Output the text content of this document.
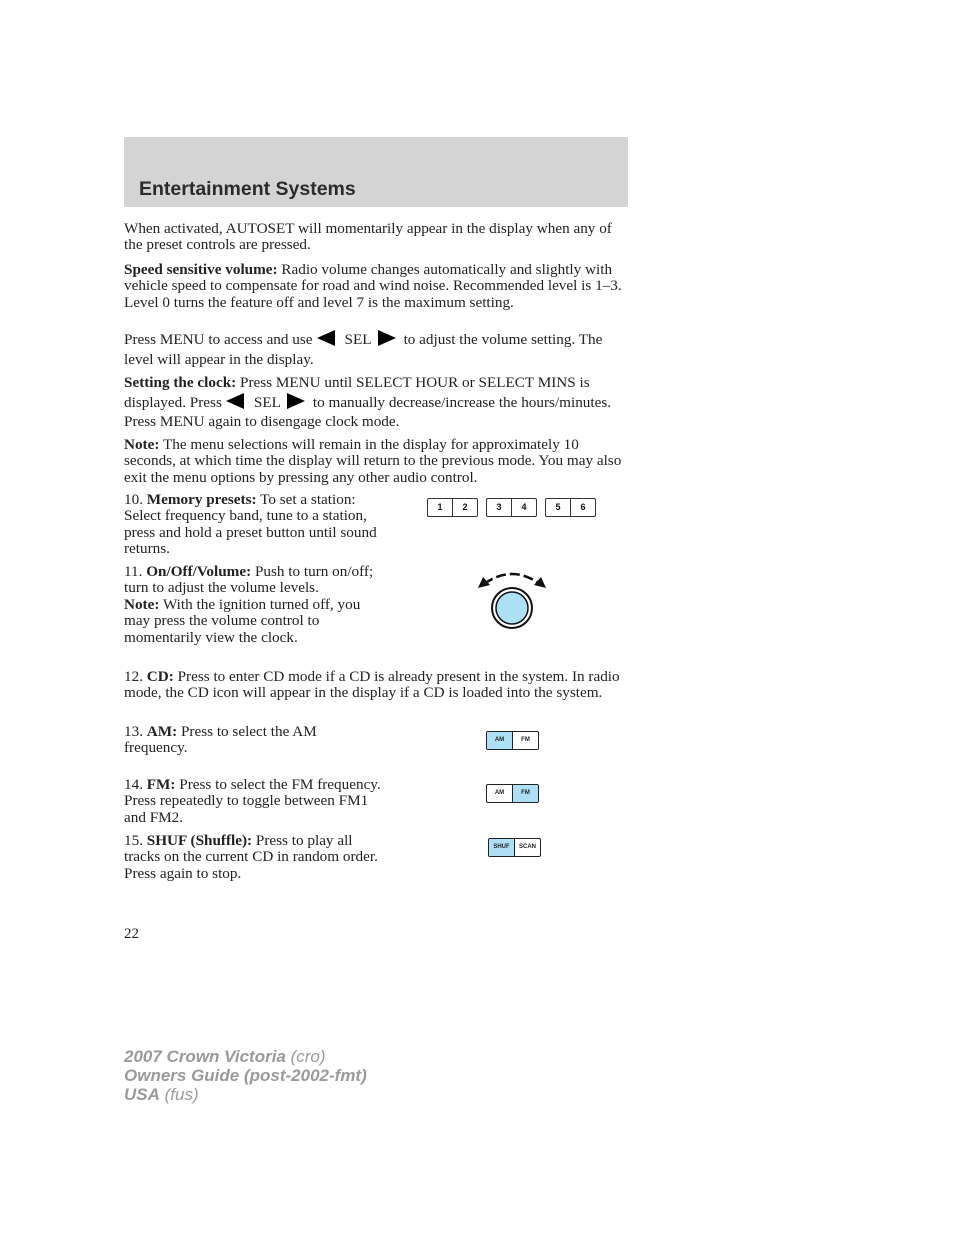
Entertainment Systems
When activated, AUTOSET will momentarily appear in the display when any of the preset controls are pressed.
Speed sensitive volume: Radio volume changes automatically and slightly with vehicle speed to compensate for road and wind noise. Recommended level is 1–3. Level 0 turns the feature off and level 7 is the maximum setting.
Press MENU to access and use SEL to adjust the volume setting. The level will appear in the display.
Setting the clock: Press MENU until SELECT HOUR or SELECT MINS is displayed. Press SEL to manually decrease/increase the hours/minutes. Press MENU again to disengage clock mode.
Note: The menu selections will remain in the display for approximately 10 seconds, at which time the display will return to the previous mode. You may also exit the menu options by pressing any other audio control.
10. Memory presets: To set a station: Select frequency band, tune to a station, press and hold a preset button until sound returns.
1	2	3	4	5	6
11. On/Off/Volume: Push to turn on/off; turn to adjust the volume levels.
Note: With the ignition turned off, you may press the volume control to momentarily view the clock.
12. CD: Press to enter CD mode if a CD is already present in the system. In radio mode, the CD icon will appear in the display if a CD is loaded into the system.
13. AM: Press to select the AM frequency.	AM	FM
14. FM: Press to select the FM frequency. Press repeatedly to toggle between FM1 and FM2.
AM	FM
15. SHUF (Shuffle): Press to play all tracks on the current CD in random order. Press again to stop.
SHUF	SCAN
22
2007 Crown Victoria (cro)
Owners Guide (post-2002-fmt)
USA (fus)
